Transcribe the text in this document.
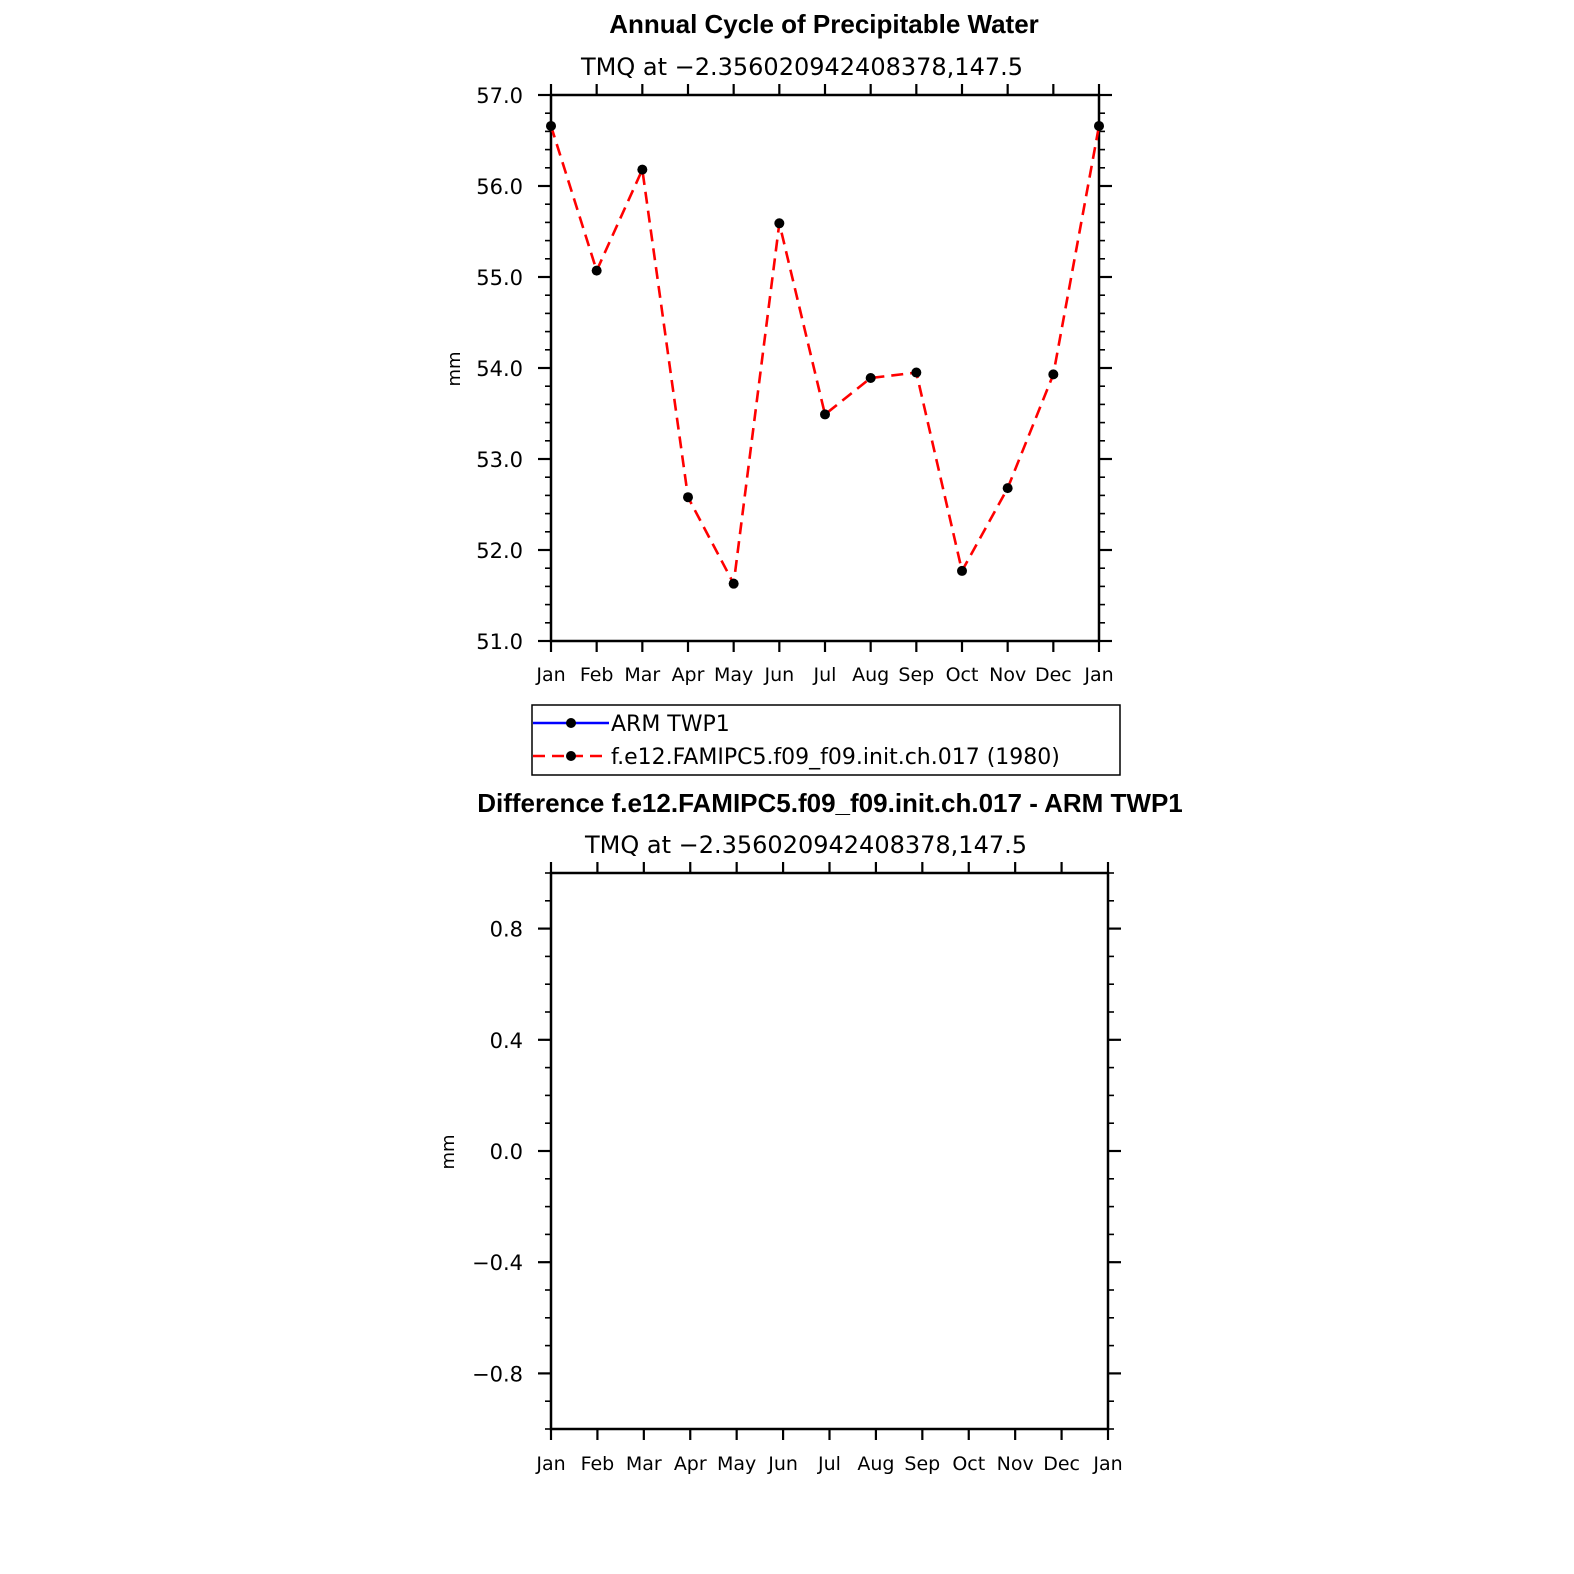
Annual Cycle of Precipitable Water
TMQ at −2.356020942408378,147.5
mm
51.0
52.0
53.0
54.0
55.0
56.0
57.0
Jan Feb Mar Apr May Jun Jul Aug Sep Oct Nov Dec Jan
ARM TWP1
f.e12.FAMIPC5.f09_f09.init.ch.017 (1980)
Difference f.e12.FAMIPC5.f09_f09.init.ch.017 - ARM TWP1
TMQ at −2.356020942408378,147.5
mm
−0.8
−0.4
0.0
0.4
0.8
Jan Feb Mar Apr May Jun Jul Aug Sep Oct Nov Dec Jan
